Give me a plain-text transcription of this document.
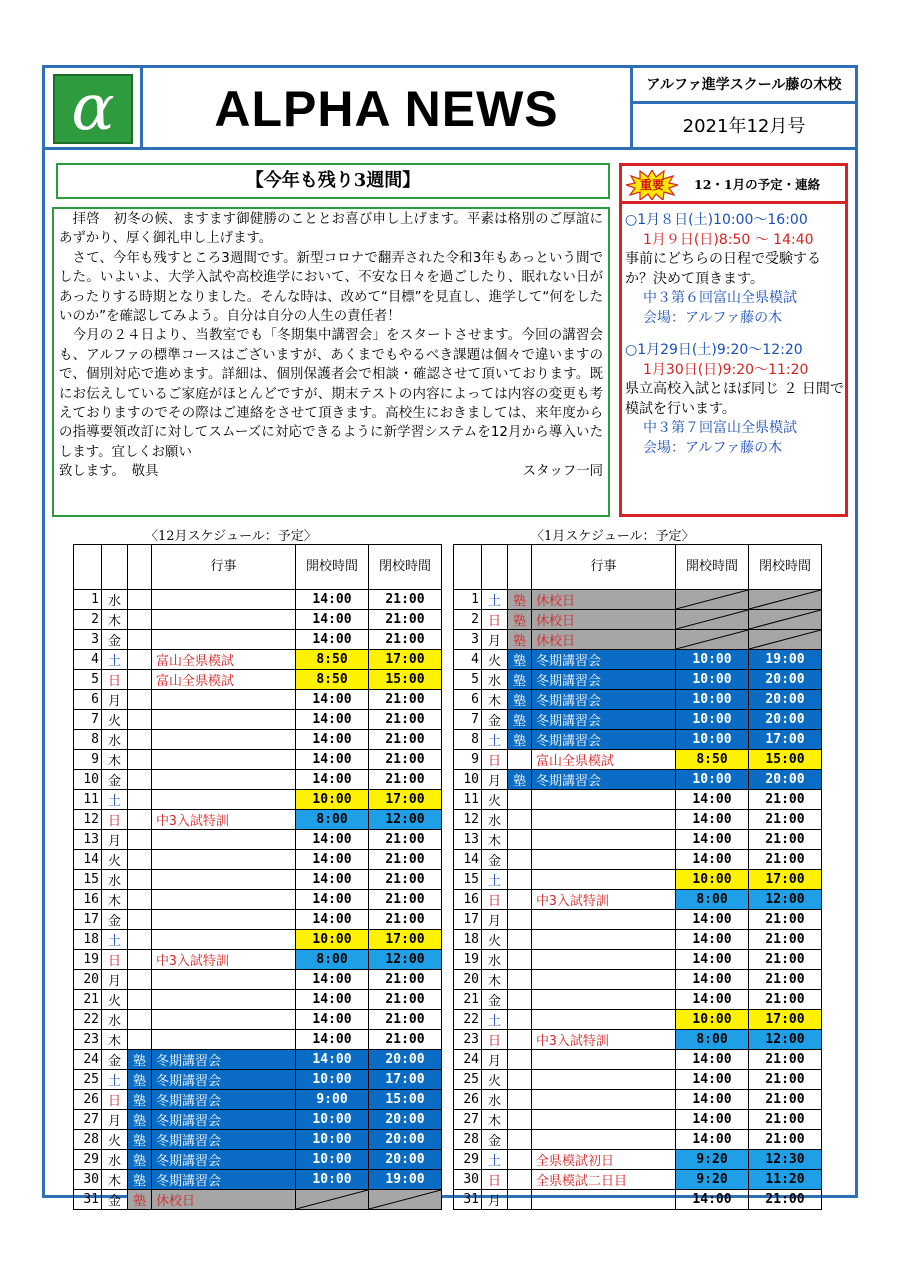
α	ALPHA NEWS	アルファ進学スクール藤の木校
2021年12月号
【今年も残り3週間】

　拝啓　初冬の候、ますます御健勝のこととお喜び申し上げます。平素は格別のご厚誼にあずかり、厚く御礼申し上げます。

　さて、今年も残すところ3週間です。新型コロナで翻弄された令和3年もあっという間でした。いよいよ、大学入試や高校進学において、不安な日々を過ごしたり、眠れない日があったりする時期となりました。そんな時は、改めて“目標”を見直し、進学して“何をしたいのか”を確認してみよう。自分は自分の人生の責任者！

　今月の２４日より、当教室でも「冬期集中講習会」をスタートさせます。今回の講習会も、アルファの標準コースはございますが、あくまでもやるべき課題は個々で違いますので、個別対応で進めます。詳細は、個別保護者会で相談・確認させて頂いております。既にお伝えしているご家庭がほとんどですが、期末テストの内容によっては内容の変更も考えておりますのでその際はご連絡をさせて頂きます。高校生におきましては、来年度からの指導要領改訂に対してスムーズに対応できるように新学習システムを12月から導入いたします。宜しくお願い

致します。　敬具	スタッフ一同
重要	12・1月の予定・連絡
○1月８日(土)10:00～16:00
1月９日(日)8:50 ～ 14:40
事前にどちらの日程で受験するか？決めて頂きます。
中３第６回富山全県模試
会場：アルファ藤の木
○1月29日(土)9:20～12:20
1月30日(日)9:20～11:20
県立高校入試とほぼ同じ ２ 日間で模試を行います。
中３第７回富山全県模試
会場：アルファ藤の木
〈12月スケジュール：予定〉	〈1月スケジュール：予定〉
			行事	開校時間	閉校時間
1	水			14:00	21:00
2	木			14:00	21:00
3	金			14:00	21:00
4	土		富山全県模試	8:50	17:00
5	日		富山全県模試	8:50	15:00
6	月			14:00	21:00
7	火			14:00	21:00
8	水			14:00	21:00
9	木			14:00	21:00
10	金			14:00	21:00
11	土			10:00	17:00
12	日		中3入試特訓	8:00	12:00
13	月			14:00	21:00
14	火			14:00	21:00
15	水			14:00	21:00
16	木			14:00	21:00
17	金			14:00	21:00
18	土			10:00	17:00
19	日		中3入試特訓	8:00	12:00
20	月			14:00	21:00
21	火			14:00	21:00
22	水			14:00	21:00
23	木			14:00	21:00
24	金	塾	冬期講習会	14:00	20:00
25	土	塾	冬期講習会	10:00	17:00
26	日	塾	冬期講習会	9:00	15:00
27	月	塾	冬期講習会	10:00	20:00
28	火	塾	冬期講習会	10:00	20:00
29	水	塾	冬期講習会	10:00	20:00
30	木	塾	冬期講習会	10:00	19:00
31	金	塾	休校日	

			行事	開校時間	閉校時間
1	土	塾	休校日	

2	日	塾	休校日	

3	月	塾	休校日	

4	火	塾	冬期講習会	10:00	19:00
5	水	塾	冬期講習会	10:00	20:00
6	木	塾	冬期講習会	10:00	20:00
7	金	塾	冬期講習会	10:00	20:00
8	土	塾	冬期講習会	10:00	17:00
9	日		富山全県模試	8:50	15:00
10	月	塾	冬期講習会	10:00	20:00
11	火			14:00	21:00
12	水			14:00	21:00
13	木			14:00	21:00
14	金			14:00	21:00
15	土			10:00	17:00
16	日		中3入試特訓	8:00	12:00
17	月			14:00	21:00
18	火			14:00	21:00
19	水			14:00	21:00
20	木			14:00	21:00
21	金			14:00	21:00
22	土			10:00	17:00
23	日		中3入試特訓	8:00	12:00
24	月			14:00	21:00
25	火			14:00	21:00
26	水			14:00	21:00
27	木			14:00	21:00
28	金			14:00	21:00
29	土		全県模試初日	9:20	12:30
30	日		全県模試二日目	9:20	11:20
31	月			14:00	21:00
